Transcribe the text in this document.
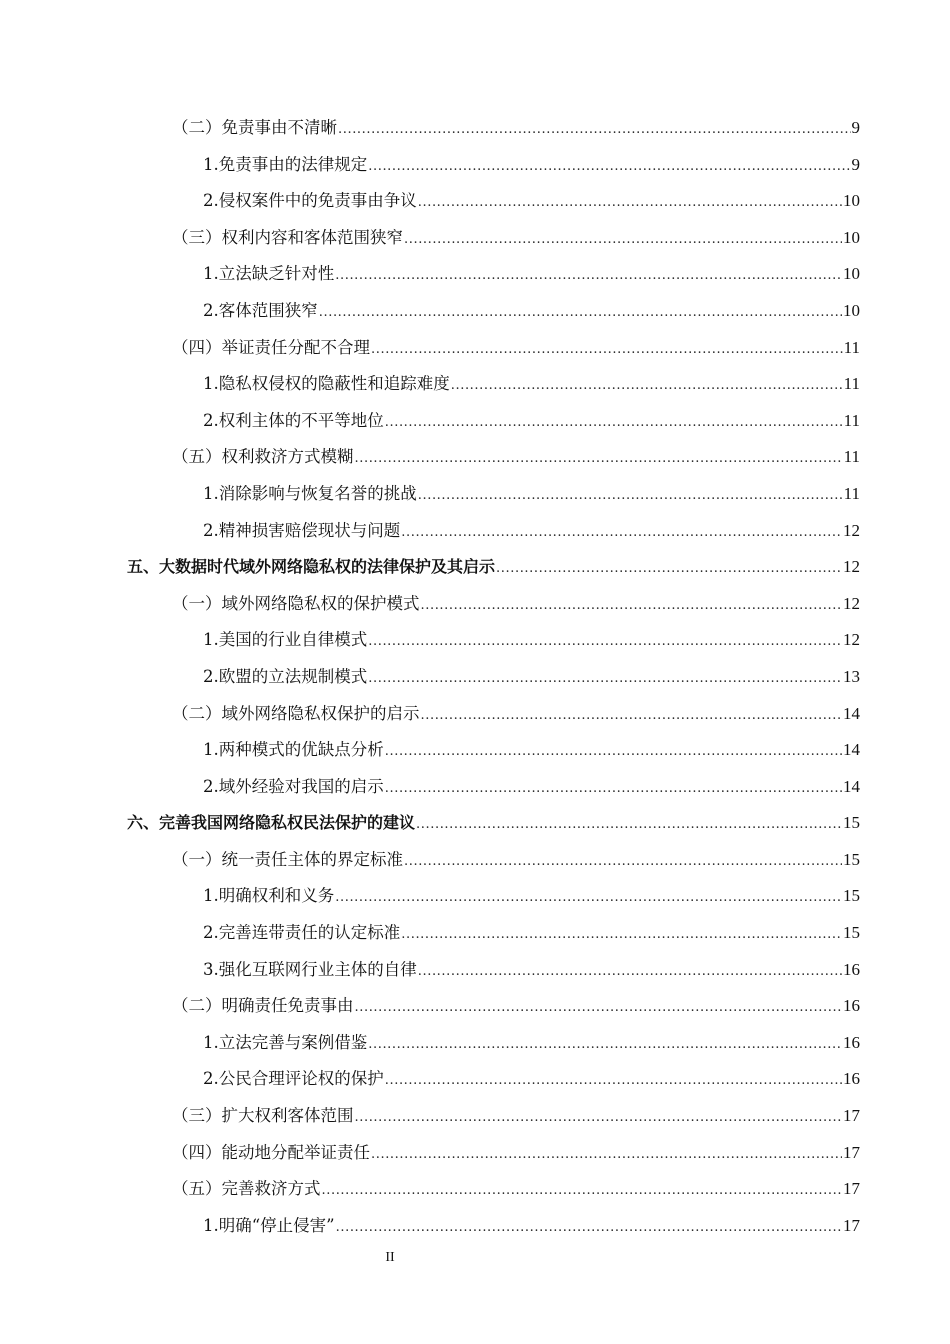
（二） 免责事由不清晰 .....	9
1. 免责事由的法律规定 .....	9
2. 侵权案件中的免责事由争议 .....	10
（三） 权利内容和客体范围狭窄 .....	10
1. 立法缺乏针对性 .....	10
2. 客体范围狭窄 .....	10
（四） 举证责任分配不合理 .....	11
1. 隐私权侵权的隐蔽性和追踪难度 .....	11
2. 权利主体的不平等地位 .....	11
（五） 权利救济方式模糊 .....	11
1. 消除影响与恢复名誉的挑战 .....	11
2. 精神损害赔偿现状与问题 .....	12
五、 大数据时代域外网络隐私权的法律保护及其启示 .....	12
（一） 域外网络隐私权的保护模式 .....	12
1. 美国的行业自律模式 .....	12
2. 欧盟的立法规制模式 .....	13
（二） 域外网络隐私权保护的启示 .....	14
1. 两种模式的优缺点分析 .....	14
2. 域外经验对我国的启示 .....	14
六、 完善我国网络隐私权民法保护的建议 .....	15
（一） 统一责任主体的界定标准 .....	15
1. 明确权利和义务 .....	15
2. 完善连带责任的认定标准 .....	15
3. 强化互联网行业主体的自律 .....	16
（二） 明确责任免责事由 .....	16
1. 立法完善与案例借鉴 .....	16
2. 公民合理评论权的保护 .....	16
（三） 扩大权利客体范围 .....	17
（四） 能动地分配举证责任 .....	17
（五） 完善救济方式 .....	17
1. 明确“停止侵害” .....	17
II
